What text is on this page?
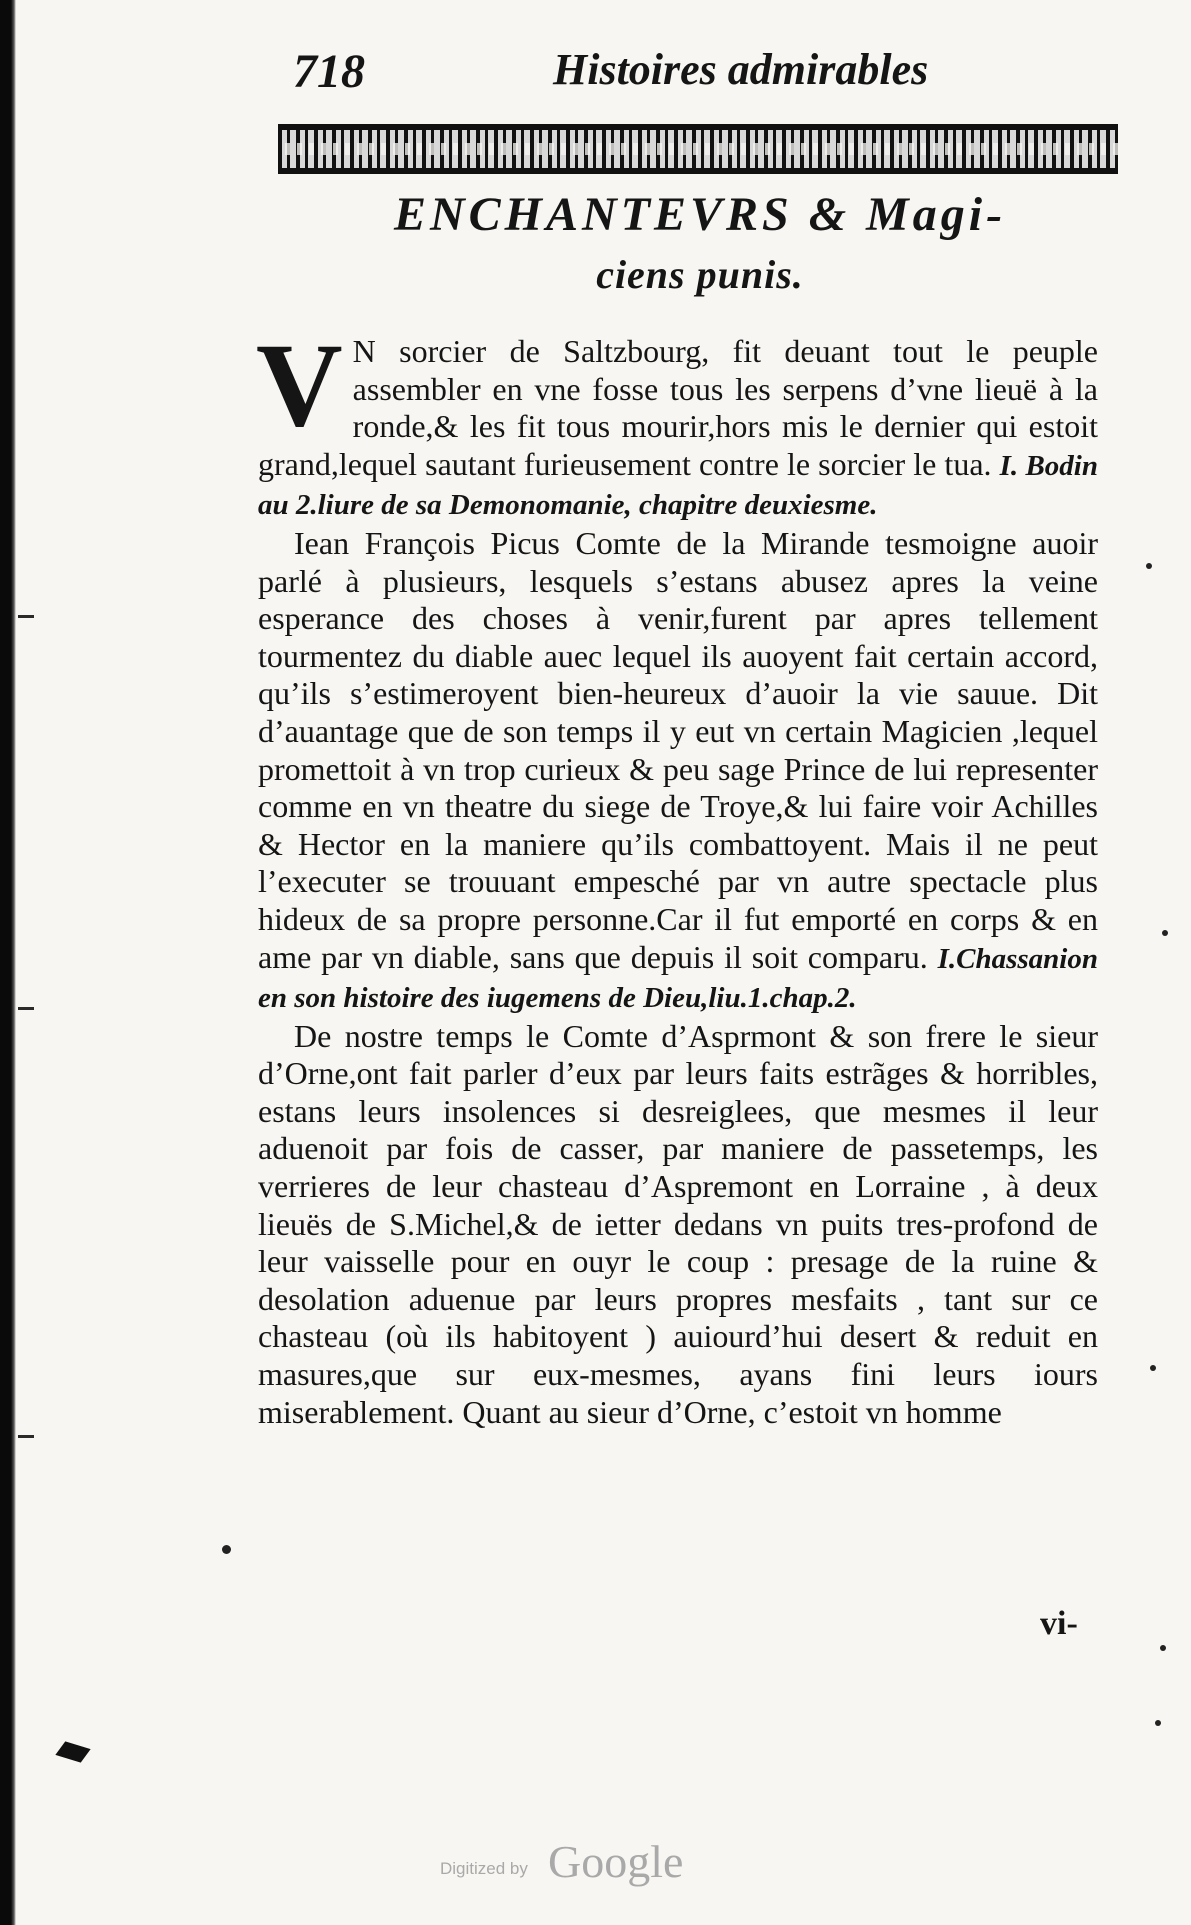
718	Histoires admirables
ENCHANTEVRS & Magi-
ciens punis.

V N sorcier de Saltzbourg, fit deuant tout le peuple assembler en vne fosse tous les serpens d’vne lieuë à la ronde,& les fit tous mourir,hors mis le dernier qui estoit grand,lequel sautant furieusement contre le sorcier le tua. I. Bodin au 2.liure de sa Demonomanie, chapitre deuxiesme.

Iean François Picus Comte de la Mirande tesmoigne auoir parlé à plusieurs, lesquels s’estans abusez apres la veine esperance des choses à venir,furent par apres tellement tourmentez du diable auec lequel ils auoyent fait certain accord, qu’ils s’estimeroyent bien-heureux d’auoir la vie sauue. Dit d’auantage que de son temps il y eut vn certain Magicien ,lequel promettoit à vn trop curieux & peu sage Prince de lui representer comme en vn theatre du siege de Troye,& lui faire voir Achilles & Hector en la maniere qu’ils combattoyent. Mais il ne peut l’executer se trouuant empesché par vn autre spectacle plus hideux de sa propre personne.Car il fut emporté en corps & en ame par vn diable, sans que depuis il soit comparu. I.Chassanion en son histoire des iugemens de Dieu,liu.1.chap.2.

De nostre temps le Comte d’Asprmont & son frere le sieur d’Orne,ont fait parler d’eux par leurs faits estrãges & horribles, estans leurs insolences si desreiglees, que mesmes il leur aduenoit par fois de casser, par maniere de passetemps, les verrieres de leur chasteau d’Aspremont en Lorraine , à deux lieuës de S.Michel,& de ietter dedans vn puits tres-profond de leur vaisselle pour en ouyr le coup : presage de la ruine & desolation aduenue par leurs propres mesfaits , tant sur ce chasteau (où ils habitoyent ) auiourd’hui desert & reduit en masures,que sur eux-mesmes, ayans fini leurs iours miserablement. Quant au sieur d’Orne, c’estoit vn homme

vi-
Digitized by Google
